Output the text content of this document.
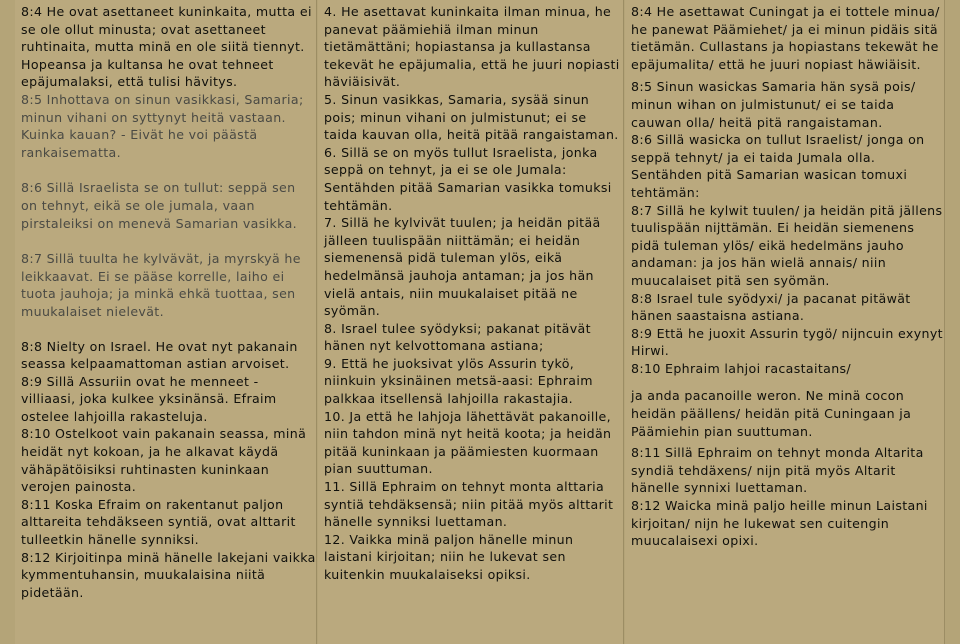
8:4 He ovat asettaneet kuninkaita, mutta ei se ole ollut minusta; ovat asettaneet ruhtinaita, mutta minä en ole siitä tiennyt. Hopeansa ja kultansa he ovat tehneet epäjumalaksi, että tulisi hävitys.

8:5 Inhottava on sinun vasikkasi, Samaria; minun vihani on syttynyt heitä vastaan. Kuinka kauan? - Eivät he voi päästä rankaisematta.

8:6 Sillä Israelista se on tullut: seppä sen on tehnyt, eikä se ole jumala, vaan pirstaleiksi on menevä Samarian vasikka.

8:7 Sillä tuulta he kylvävät, ja myrskyä he leikkaavat. Ei se pääse korrelle, laiho ei tuota jauhoja; ja minkä ehkä tuottaa, sen muukalaiset nielevät.

8:8 Nielty on Israel. He ovat nyt pakanain seassa kelpaamattoman astian arvoiset.

8:9 Sillä Assuriin ovat he menneet - villiaasi, joka kulkee yksinänsä. Efraim ostelee lahjoilla rakasteluja.

8:10 Ostelkoot vain pakanain seassa, minä heidät nyt kokoan, ja he alkavat käydä vähäpätöisiksi ruhtinasten kuninkaan verojen painosta.

8:11 Koska Efraim on rakentanut paljon alttareita tehdäkseen syntiä, ovat alttarit tulleetkin hänelle synniksi.

8:12 Kirjoitinpa minä hänelle lakejani vaikka kymmentuhansin, muukalaisina niitä pidetään.

4. He asettavat kuninkaita ilman minua, he panevat päämiehiä ilman minun tietämättäni; hopiastansa ja kullastansa tekevät he epäjumalia, että he juuri nopiasti häviäisivät.

5. Sinun vasikkas, Samaria, sysää sinun pois; minun vihani on julmistunut; ei se taida kauvan olla, heitä pitää rangaistaman.

6. Sillä se on myös tullut Israelista, jonka seppä on tehnyt, ja ei se ole Jumala: Sentähden pitää Samarian vasikka tomuksi tehtämän.

7. Sillä he kylvivät tuulen; ja heidän pitää jälleen tuulispään niittämän; ei heidän siemenensä pidä tuleman ylös, eikä hedelmänsä jauhoja antaman; ja jos hän vielä antais, niin muukalaiset pitää ne syömän.

8. Israel tulee syödyksi; pakanat pitävät hänen nyt kelvottomana astiana;

9. Että he juoksivat ylös Assurin tykö, niinkuin yksinäinen metsä-aasi: Ephraim palkkaa itsellensä lahjoilla rakastajia.

10. Ja että he lahjoja lähettävät pakanoille, niin tahdon minä nyt heitä koota; ja heidän pitää kuninkaan ja päämiesten kuormaan pian suuttuman.

11. Sillä Ephraim on tehnyt monta alttaria syntiä tehdäksensä; niin pitää myös alttarit hänelle synniksi luettaman.

12. Vaikka minä paljon hänelle minun laistani kirjoitan; niin he lukevat sen kuitenkin muukalaiseksi opiksi.

8:4 He asettawat Cuningat ja ei tottele minua/ he panewat Päämiehet/ ja ei minun pidäis sitä tietämän. Cullastans ja hopiastans tekewät he epäjumalita/ että he juuri nopiast häwiäisit.

8:5 Sinun wasickas Samaria hän sysä pois/ minun wihan on julmistunut/ ei se taida cauwan olla/ heitä pitä rangaistaman.

8:6 Sillä wasicka on tullut Israelist/ jonga on seppä tehnyt/ ja ei taida Jumala olla. Sentähden pitä Samarian wasican tomuxi tehtämän:

8:7 Sillä he kylwit tuulen/ ja heidän pitä jällens tuulispään nijttämän. Ei heidän siemenens pidä tuleman ylös/ eikä hedelmäns jauho andaman: ja jos hän wielä annais/ niin muucalaiset pitä sen syömän.

8:8 Israel tule syödyxi/ ja pacanat pitäwät hänen saastaisna astiana.

8:9 Että he juoxit Assurin tygö/ nijncuin exynyt Hirwi.

8:10 Ephraim lahjoi racastaitans/

ja anda pacanoille weron. Ne minä cocon heidän päällens/ heidän pitä Cuningaan ja Päämiehin pian suuttuman.

8:11 Sillä Ephraim on tehnyt monda Altarita syndiä tehdäxens/ nijn pitä myös Altarit hänelle synnixi luettaman.

8:12 Waicka minä paljo heille minun Laistani kirjoitan/ nijn he lukewat sen cuitengin muucalaisexi opixi.
